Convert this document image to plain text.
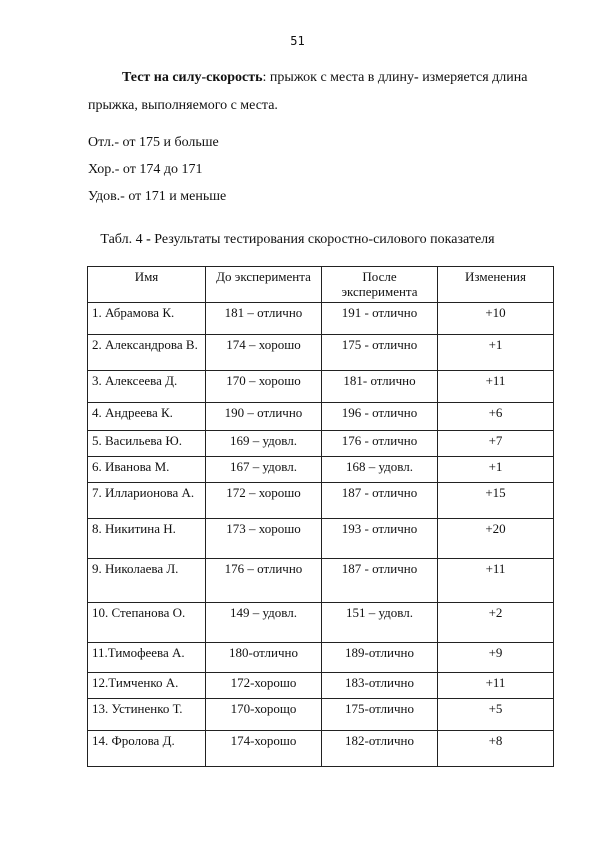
51
Тест на силу-скорость: прыжок с места в длину- измеряется длина прыжка, выполняемого с места.
Отл.- от 175 и больше
Хор.- от 174 до 171
Удов.- от 171 и меньше
Табл. 4 - Результаты тестирования скоростно-силового показателя
Имя	До эксперимента	После эксперимента	Изменения
1. Абрамова К.	181 – отлично	191 - отлично	+10
2. Александрова В.	174 – хорошо	175 - отлично	+1
3. Алексеева Д.	170 – хорошо	181- отлично	+11
4. Андреева К.	190 – отлично	196 - отлично	+6
5. Васильева Ю.	169 – удовл.	176 - отлично	+7
6. Иванова М.	167 – удовл.	168 – удовл.	+1
7. Илларионова А.	172 – хорошо	187 - отлично	+15
8. Никитина Н.	173 – хорошо	193 - отлично	+20
9. Николаева Л.	176 – отлично	187 - отлично	+11
10. Степанова О.	149 – удовл.	151 – удовл.	+2
11.Тимофеева А.	180-отлично	189-отлично	+9
12.Тимченко А.	172-хорошо	183-отлично	+11
13. Устиненко Т.	170-хорощо	175-отлично	+5
14. Фролова Д.	174-хорошо	182-отлично	+8
